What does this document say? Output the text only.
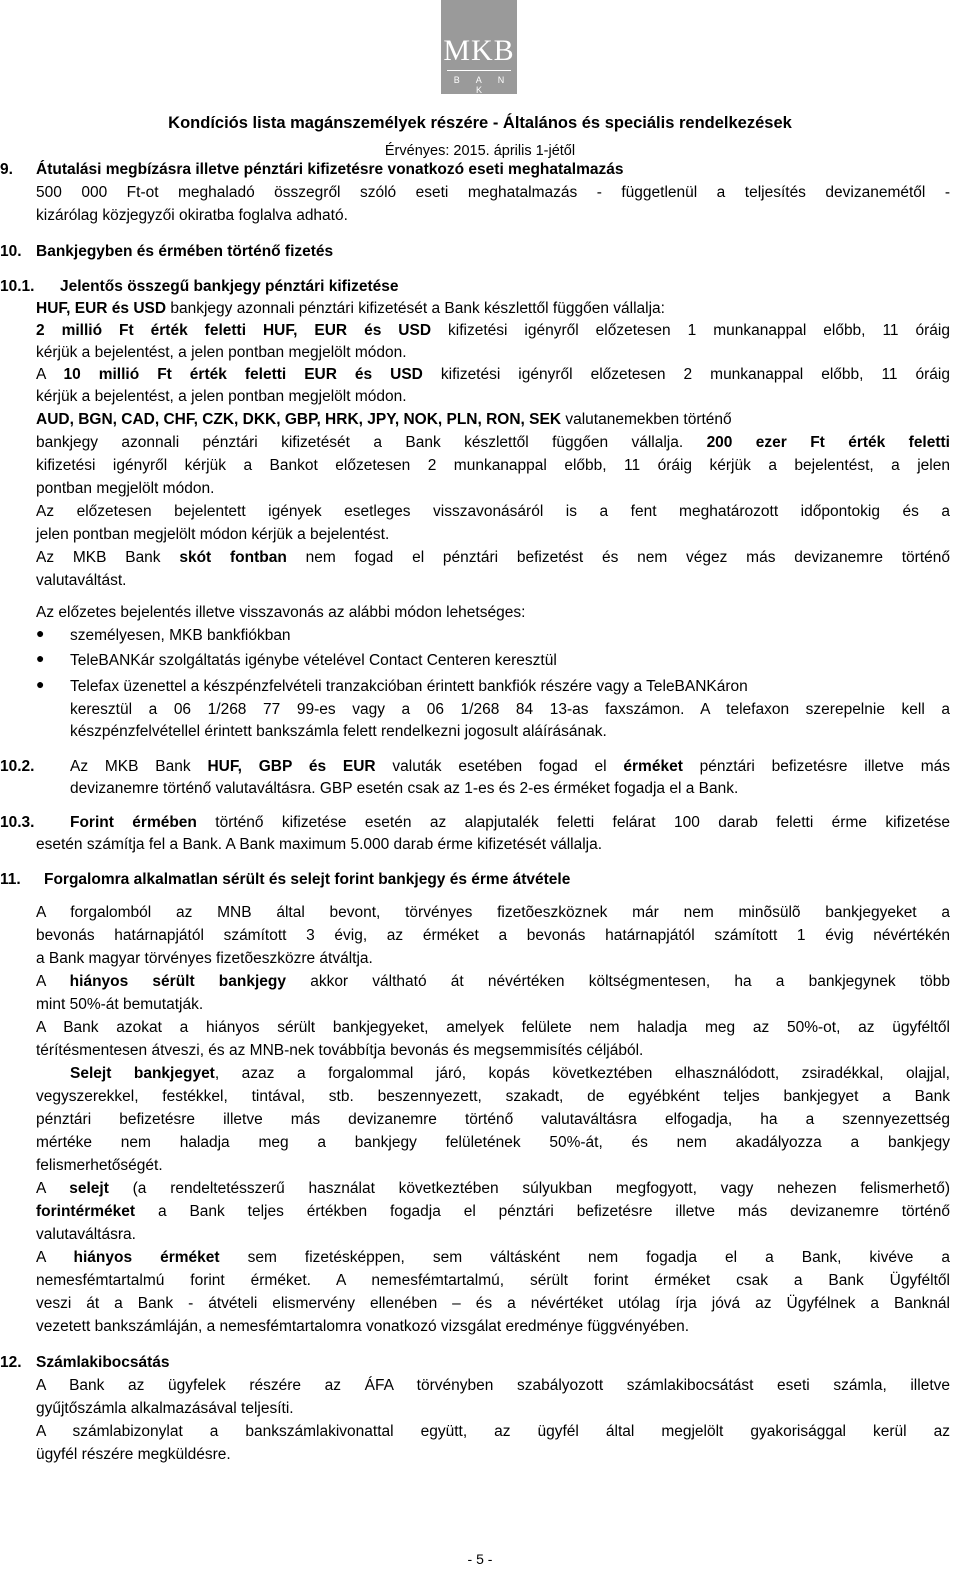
MKB
B A N K
Kondíciós lista magánszemélyek részére - Általános és speciális rendelkezések
Érvényes: 2015. április 1-jétől
9. Átutalási megbízásra illetve pénztári kifizetésre vonatkozó eseti meghatalmazás
500 000 Ft-ot meghaladó összegről szóló eseti meghatalmazás - függetlenül a teljesítés devizanemétől -
kizárólag közjegyzői okiratba foglalva adható.
10. Bankjegyben és érmében történő fizetés
10.1. Jelentős összegű bankjegy pénztári kifizetése
HUF, EUR és USD bankjegy azonnali pénztári kifizetését a Bank készlettől függően vállalja:
2 millió Ft érték feletti HUF, EUR és USD kifizetési igényről előzetesen 1 munkanappal előbb, 11 óráig
kérjük a bejelentést, a jelen pontban megjelölt módon.
A 10 millió Ft érték feletti EUR és USD kifizetési igényről előzetesen 2 munkanappal előbb, 11 óráig
kérjük a bejelentést, a jelen pontban megjelölt módon.
AUD, BGN, CAD, CHF, CZK, DKK, GBP, HRK, JPY, NOK, PLN, RON, SEK valutanemekben történő
bankjegy azonnali pénztári kifizetését a Bank készlettől függően vállalja. 200 ezer Ft érték feletti
kifizetési igényről kérjük a Bankot előzetesen 2 munkanappal előbb, 11 óráig kérjük a bejelentést, a jelen
pontban megjelölt módon.
Az előzetesen bejelentett igények esetleges visszavonásáról is a fent meghatározott időpontokig és a
jelen pontban megjelölt módon kérjük a bejelentést.
Az MKB Bank skót fontban nem fogad el pénztári befizetést és nem végez más devizanemre történő
valutaváltást.
Az előzetes bejelentés illetve visszavonás az alábbi módon lehetséges:
● személyesen, MKB bankfiókban
● TeleBANKár szolgáltatás igénybe vételével Contact Centeren keresztül
● Telefax üzenettel a készpénzfelvételi tranzakcióban érintett bankfiók részére vagy a TeleBANKáron
keresztül a 06 1/268 77 99-es vagy a 06 1/268 84 13-as faxszámon. A telefaxon szerepelnie kell a
készpénzfelvétellel érintett bankszámla felett rendelkezni jogosult aláírásának.
10.2. Az MKB Bank HUF, GBP és EUR valuták esetében fogad el érméket pénztári befizetésre illetve más
devizanemre történő valutaváltásra. GBP esetén csak az 1-es és 2-es érméket fogadja el a Bank.
10.3. Forint érmében történő kifizetése esetén az alapjutalék feletti felárat 100 darab feletti érme kifizetése
esetén számítja fel a Bank. A Bank maximum 5.000 darab érme kifizetését vállalja.
11. Forgalomra alkalmatlan sérült és selejt forint bankjegy és érme átvétele
A forgalomból az MNB által bevont, törvényes fizetõeszköznek már nem minõsülõ bankjegyeket a
bevonás határnapjától számított 3 évig, az érméket a bevonás határnapjától számított 1 évig névértékén
a Bank magyar törvényes fizetõeszközre átváltja.
A hiányos sérült bankjegy akkor váltható át névértéken költségmentesen, ha a bankjegynek több
mint 50%-át bemutatják.
A Bank azokat a hiányos sérült bankjegyeket, amelyek felülete nem haladja meg az 50%-ot, az ügyféltől
térítésmentesen átveszi, és az MNB-nek továbbítja bevonás és megsemmisítés céljából.
Selejt bankjegyet, azaz a forgalommal járó, kopás következtében elhasználódott, zsiradékkal, olajjal,
vegyszerekkel, festékkel, tintával, stb. beszennyezett, szakadt, de egyébként teljes bankjegyet a Bank
pénztári befizetésre illetve más devizanemre történő valutaváltásra elfogadja, ha a szennyezettség
mértéke nem haladja meg a bankjegy felületének 50%-át, és nem akadályozza a bankjegy
felismerhetőségét.
A selejt (a rendeltetésszerű használat következtében súlyukban megfogyott, vagy nehezen felismerhető)
forintérméket a Bank teljes értékben fogadja el pénztári befizetésre illetve más devizanemre történő
valutaváltásra.
A hiányos érméket sem fizetésképpen, sem váltásként nem fogadja el a Bank, kivéve a
nemesfémtartalmú forint érméket. A nemesfémtartalmú, sérült forint érméket csak a Bank Ügyféltől
veszi át a Bank - átvételi elismervény ellenében – és a névértéket utólag írja jóvá az Ügyfélnek a Banknál
vezetett bankszámláján, a nemesfémtartalomra vonatkozó vizsgálat eredménye függvényében.
12. Számlakibocsátás
A Bank az ügyfelek részére az ÁFA törvényben szabályozott számlakibocsátást eseti számla, illetve
gyűjtőszámla alkalmazásával teljesíti.
A számlabizonylat a bankszámlakivonattal együtt, az ügyfél által megjelölt gyakorisággal kerül az
ügyfél részére megküldésre.
- 5 -
